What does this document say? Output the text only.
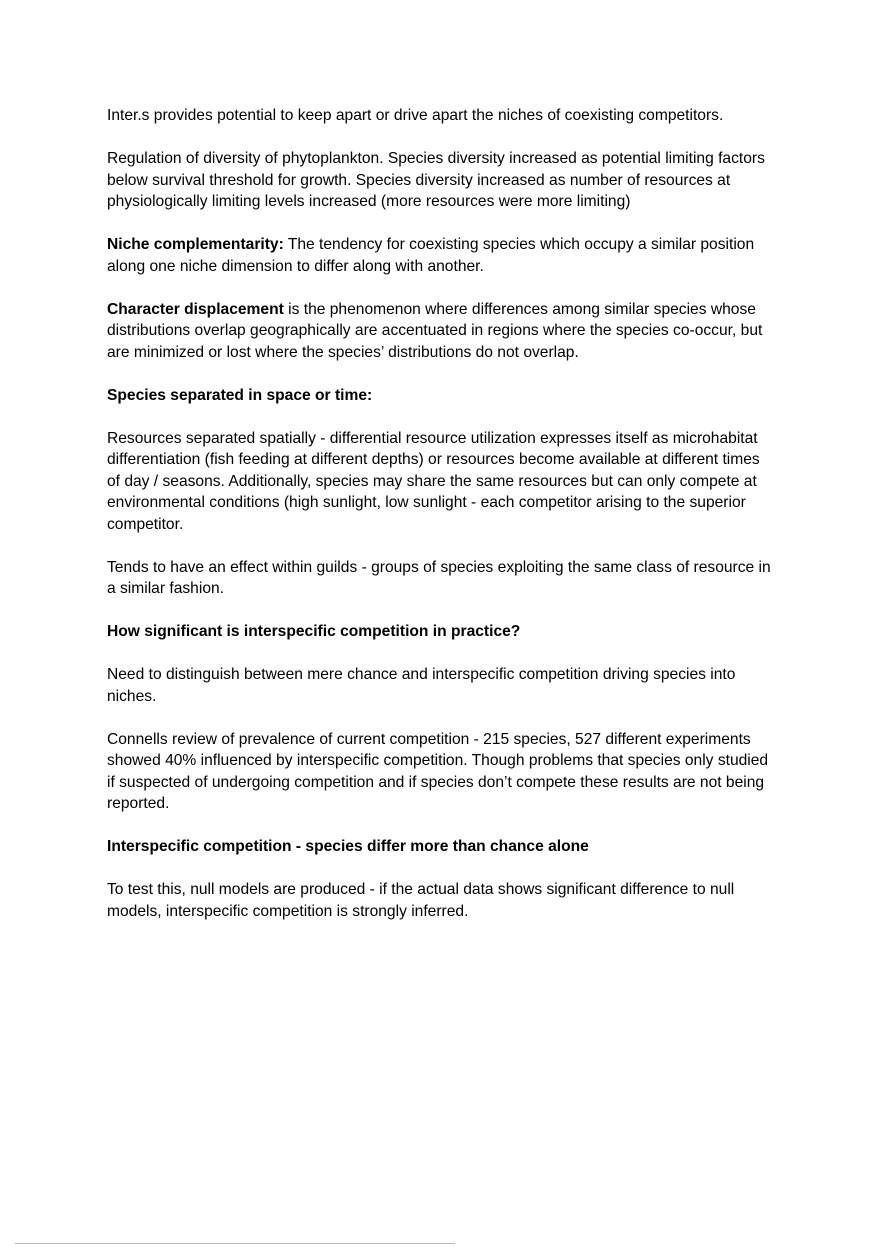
Inter.s provides potential to keep apart or drive apart the niches of coexisting competitors.

Regulation of diversity of phytoplankton. Species diversity increased as potential limiting factors below survival threshold for growth. Species diversity increased as number of resources at physiologically limiting levels increased (more resources were more limiting)

Niche complementarity: The tendency for coexisting species which occupy a similar position along one niche dimension to differ along with another.

Character displacement is the phenomenon where differences among similar species whose distributions overlap geographically are accentuated in regions where the species co-occur, but are minimized or lost where the species’ distributions do not overlap.

Species separated in space or time:

Resources separated spatially - differential resource utilization expresses itself as microhabitat differentiation (fish feeding at different depths) or resources become available at different times of day / seasons. Additionally, species may share the same resources but can only compete at environmental conditions (high sunlight, low sunlight - each competitor arising to the superior competitor.

Tends to have an effect within guilds - groups of species exploiting the same class of resource in a similar fashion.

How significant is interspecific competition in practice?

Need to distinguish between mere chance and interspecific competition driving species into niches.

Connells review of prevalence of current competition - 215 species, 527 different experiments showed 40% influenced by interspecific competition. Though problems that species only studied if suspected of undergoing competition and if species don’t compete these results are not being reported.

Interspecific competition - species differ more than chance alone

To test this, null models are produced - if the actual data shows significant difference to null models, interspecific competition is strongly inferred.
